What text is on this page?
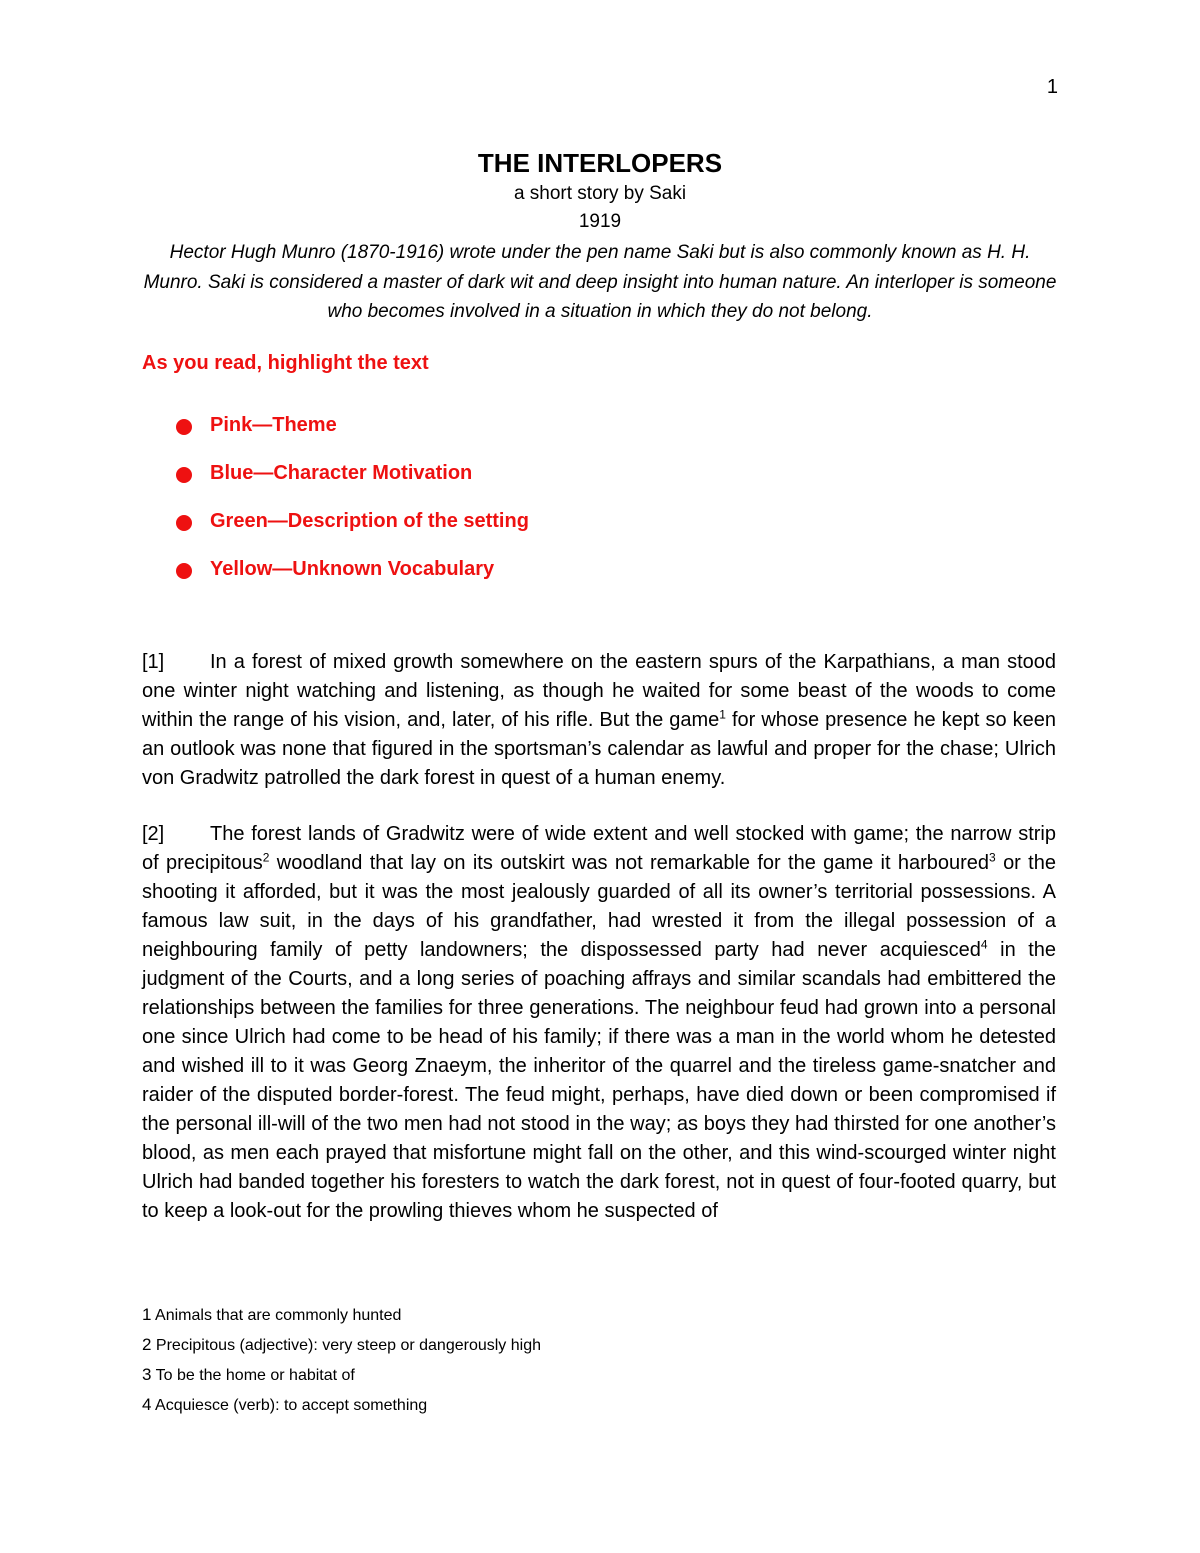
1
THE INTERLOPERS
a short story by Saki
1919
Hector Hugh Munro (1870-1916) wrote under the pen name Saki but is also commonly known as H. H. Munro. Saki is considered a master of dark wit and deep insight into human nature. An interloper is someone who becomes involved in a situation in which they do not belong.
As you read, highlight the text
Pink—Theme
Blue—Character Motivation
Green—Description of the setting
Yellow—Unknown Vocabulary

[1] In a forest of mixed growth somewhere on the eastern spurs of the Karpathians, a man stood one winter night watching and listening, as though he waited for some beast of the woods to come within the range of his vision, and, later, of his rifle. But the game$^1$ for whose presence he kept so keen an outlook was none that figured in the sportsman’s calendar as lawful and proper for the chase; Ulrich von Gradwitz patrolled the dark forest in quest of a human enemy.

[2] The forest lands of Gradwitz were of wide extent and well stocked with game; the narrow strip of precipitous$^2$ woodland that lay on its outskirt was not remarkable for the game it harboured$^3$ or the shooting it afforded, but it was the most jealously guarded of all its owner’s territorial possessions. A famous law suit, in the days of his grandfather, had wrested it from the illegal possession of a neighbouring family of petty landowners; the dispossessed party had never acquiesced$^4$ in the judgment of the Courts, and a long series of poaching affrays and similar scandals had embittered the relationships between the families for three generations. The neighbour feud had grown into a personal one since Ulrich had come to be head of his family; if there was a man in the world whom he detested and wished ill to it was Georg Znaeym, the inheritor of the quarrel and the tireless game-snatcher and raider of the disputed border-forest. The feud might, perhaps, have died down or been compromised if the personal ill-will of the two men had not stood in the way; as boys they had thirsted for one another’s blood, as men each prayed that misfortune might fall on the other, and this wind-scourged winter night Ulrich had banded together his foresters to watch the dark forest, not in quest of four-footed quarry, but to keep a look-out for the prowling thieves whom he suspected of

1 Animals that are commonly hunted
2 Precipitous (adjective): very steep or dangerously high
3 To be the home or habitat of
4 Acquiesce (verb): to accept something
